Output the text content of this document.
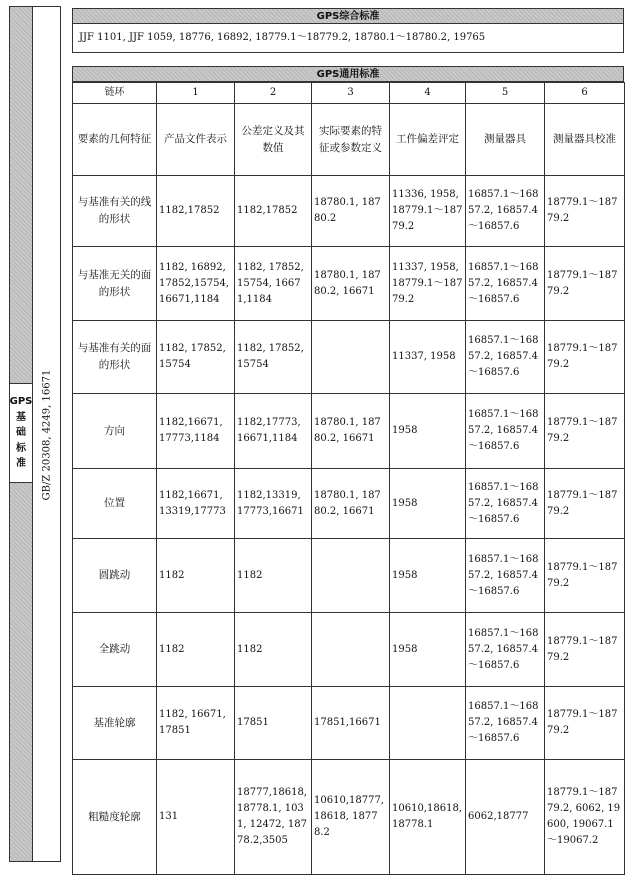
GPS
基
础
标
准 GB/Z 20308, 4249, 16671
GPS综合标准
JJF 1101, JJF 1059, 18776, 16892, 18779.1～18779.2, 18780.1～18780.2, 19765
GPS通用标准
链环	1	2	3	4	5	6
要素的几何特征	产品文件表示	公差定义及其数值	实际要素的特征或参数定义	工件偏差评定	测量器具	测量器具校准
与基准有关的线的形状	1182,17852	1182,17852	18780.1, 18780.2	11336, 1958, 18779.1～18779.2	16857.1～16857.2, 16857.4～16857.6	18779.1～18779.2
与基准无关的面的形状	1182, 16892, 17852,15754, 16671,1184	1182, 17852, 15754, 16671,1184	18780.1, 18780.2, 16671	11337, 1958, 18779.1～18779.2	16857.1～16857.2, 16857.4～16857.6	18779.1～18779.2
与基准有关的面的形状	1182, 17852,15754	1182, 17852,15754		11337, 1958	16857.1～16857.2, 16857.4～16857.6	18779.1～18779.2
方向	1182,16671, 17773,1184	1182,17773, 16671,1184	18780.1, 18780.2, 16671	1958	16857.1～16857.2, 16857.4～16857.6	18779.1～18779.2
位置	1182,16671, 13319,17773	1182,13319, 17773,16671	18780.1, 18780.2, 16671	1958	16857.1～16857.2, 16857.4～16857.6	18779.1～18779.2
圆跳动	1182	1182		1958	16857.1～16857.2, 16857.4～16857.6	18779.1～18779.2
全跳动	1182	1182		1958	16857.1～16857.2, 16857.4～16857.6	18779.1～18779.2
基准轮廓	1182, 16671,17851	17851	17851,16671		16857.1～16857.2, 16857.4～16857.6	18779.1～18779.2
粗糙度轮廓	131	18777,18618, 18778.1, 1031, 12472, 18778.2,3505	10610,18777, 18618, 18778.2	10610,18618, 18778.1	6062,18777	18779.1～18779.2, 6062, 19600, 19067.1～19067.2
